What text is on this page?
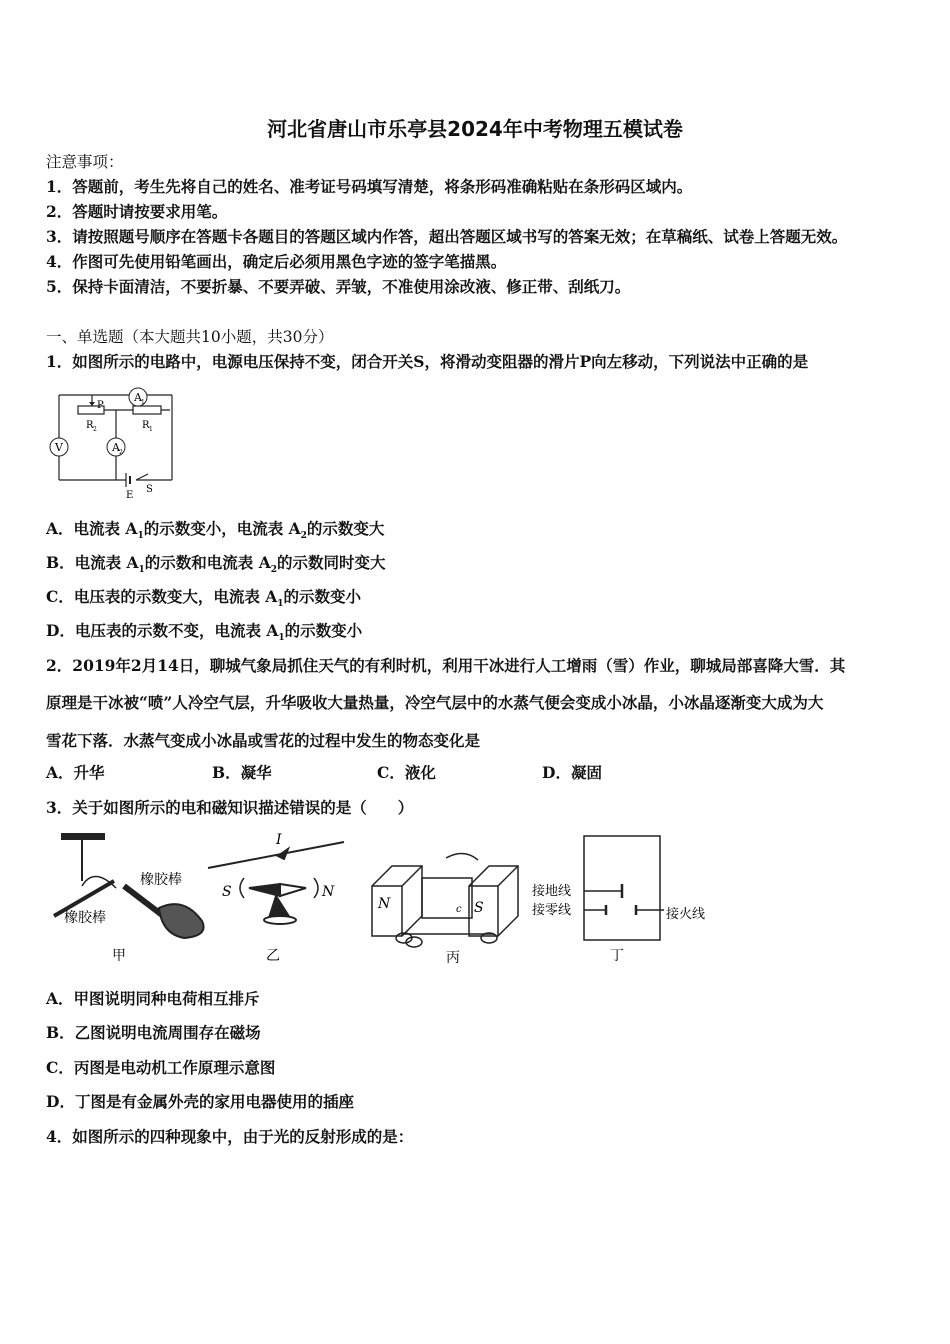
河北省唐山市乐亭县2024年中考物理五模试卷
注意事项：
1．答题前，考生先将自己的姓名、准考证号码填写清楚，将条形码准确粘贴在条形码区域内。
2．答题时请按要求用笔。
3．请按照题号顺序在答题卡各题目的答题区域内作答，超出答题区域书写的答案无效；在草稿纸、试卷上答题无效。
4．作图可先使用铅笔画出，确定后必须用黑色字迹的签字笔描黑。
5．保持卡面清洁，不要折暴、不要弄破、弄皱，不准使用涂改液、修正带、刮纸刀。
一、单选题（本大题共10小题，共30分）
1．如图所示的电路中，电源电压保持不变，闭合开关S，将滑动变阻器的滑片P向左移动，下列说法中正确的是
A 1
V	A 2
P
R 2	R 1
E
S
A．电流表 $A_1$的示数变小，电流表 $A_2$的示数变大
B．电流表 $A_1$的示数和电流表 $A_2$的示数同时变大
C．电压表的示数变大，电流表 $A_1$的示数变小
D．电压表的示数不变，电流表 $A_1$的示数变小
2．2019年2月14日，聊城气象局抓住天气的有利时机，利用干冰进行人工增雨（雪）作业，聊城局部喜降大雪．其
原理是干冰被“喷”人冷空气层，升华吸收大量热量，冷空气层中的水蒸气便会变成小冰晶，小冰晶逐渐变大成为大
雪花下落．水蒸气变成小冰晶或雪花的过程中发生的物态变化是
A．升华	B．凝华	C．液化	D．凝固
3．关于如图所示的电和磁知识描述错误的是（　　）
橡胶棒
橡胶棒
甲
I
S	N
乙
N	S
c
丙
接地线
接零线	接火线
丁
A．甲图说明同种电荷相互排斥
B．乙图说明电流周围存在磁场
C．丙图是电动机工作原理示意图
D．丁图是有金属外壳的家用电器使用的插座
4．如图所示的四种现象中，由于光的反射形成的是：
